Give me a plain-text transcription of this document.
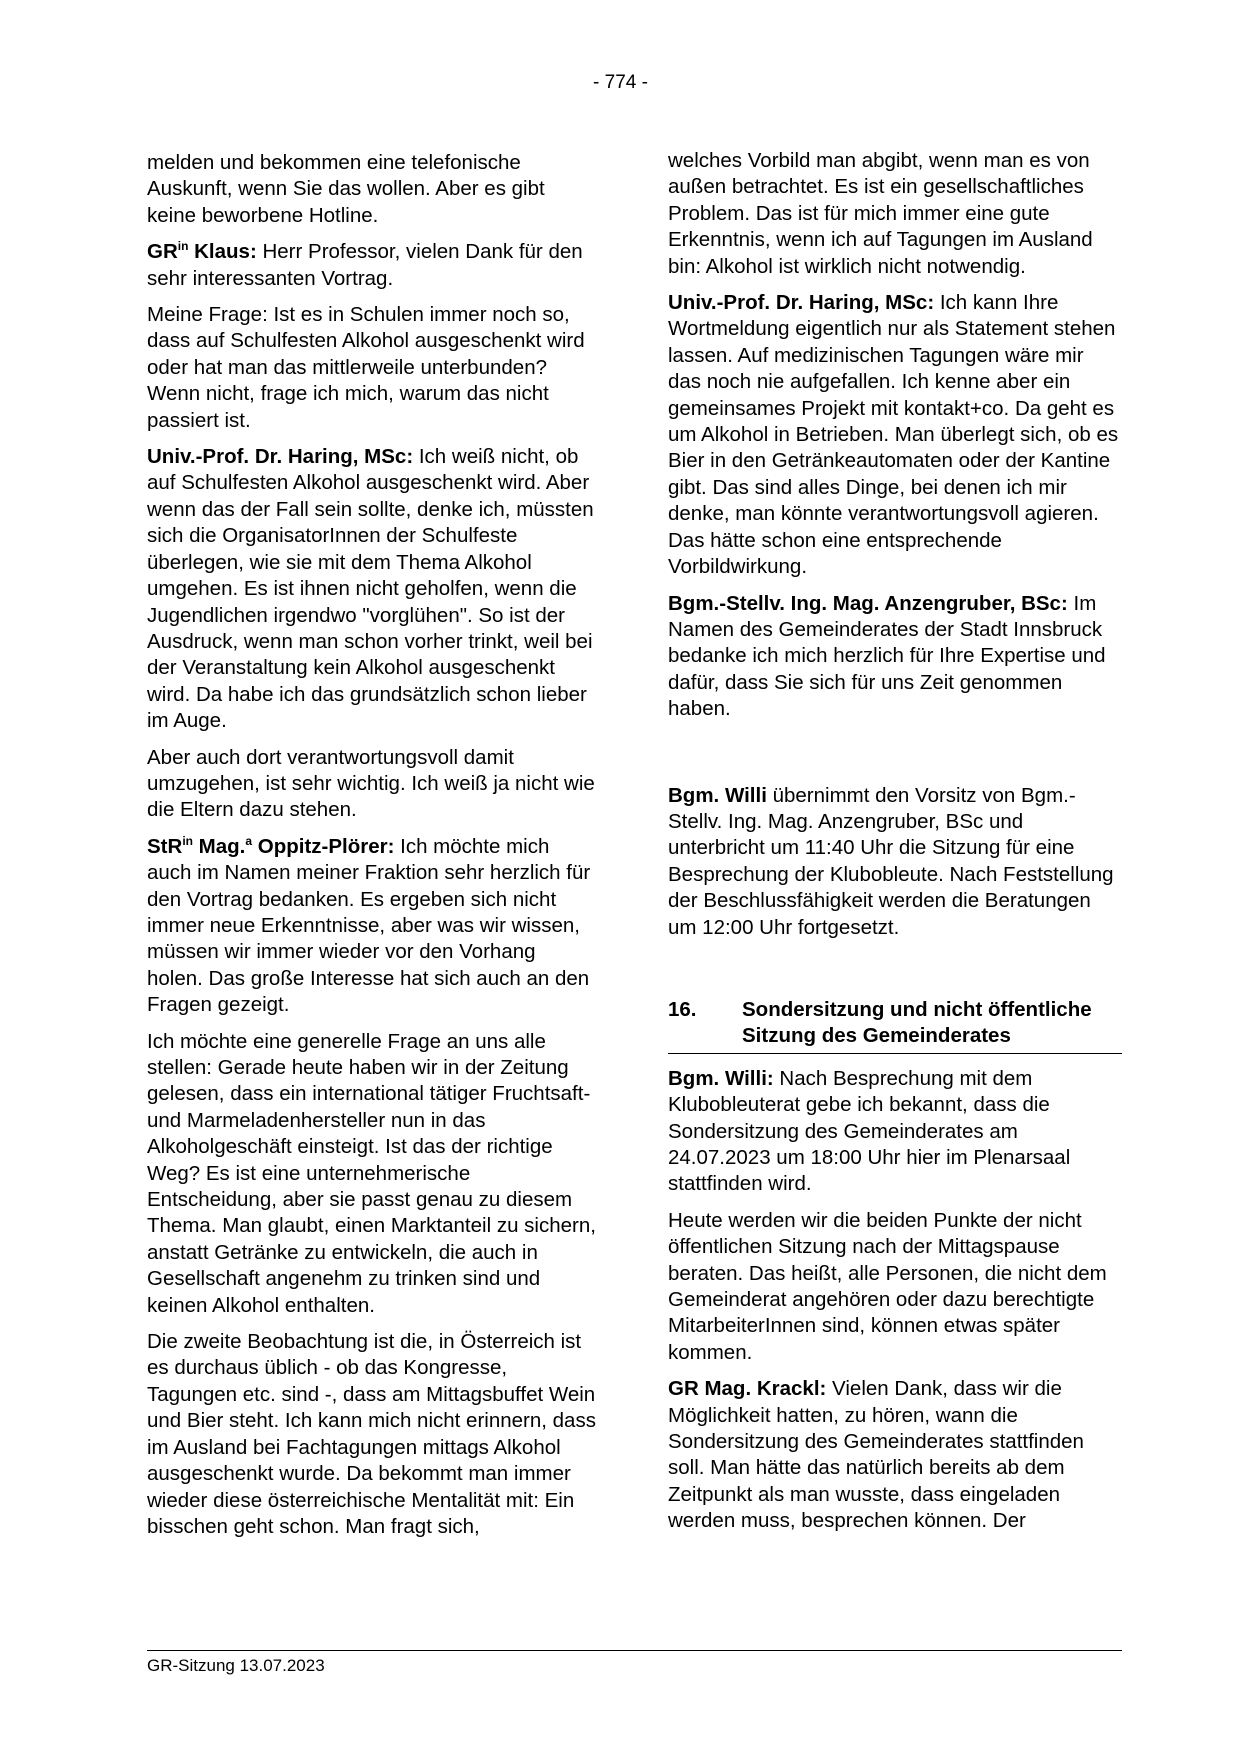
- 774 -

melden und bekommen eine telefonische Auskunft, wenn Sie das wollen. Aber es gibt keine beworbene Hotline.

$GR^{in}$ Klaus: Herr Professor, vielen Dank für den sehr interessanten Vortrag.

Meine Frage: Ist es in Schulen immer noch so, dass auf Schulfesten Alkohol ausgeschenkt wird oder hat man das mittlerweile unterbunden? Wenn nicht, frage ich mich, warum das nicht passiert ist.

Univ.-Prof. Dr. Haring, MSc: Ich weiß nicht, ob auf Schulfesten Alkohol ausgeschenkt wird. Aber wenn das der Fall sein sollte, denke ich, müssten sich die OrganisatorInnen der Schulfeste überlegen, wie sie mit dem Thema Alkohol umgehen. Es ist ihnen nicht geholfen, wenn die Jugendlichen irgendwo "vorglühen". So ist der Ausdruck, wenn man schon vorher trinkt, weil bei der Veranstaltung kein Alkohol ausgeschenkt wird. Da habe ich das grundsätzlich schon lieber im Auge.

Aber auch dort verantwortungsvoll damit umzugehen, ist sehr wichtig. Ich weiß ja nicht wie die Eltern dazu stehen.

StR$^{in}$ Mag.$^a$ Oppitz-Plörer: Ich möchte mich auch im Namen meiner Fraktion sehr herzlich für den Vortrag bedanken. Es ergeben sich nicht immer neue Erkenntnisse, aber was wir wissen, müssen wir immer wieder vor den Vorhang holen. Das große Interesse hat sich auch an den Fragen gezeigt.

Ich möchte eine generelle Frage an uns alle stellen: Gerade heute haben wir in der Zeitung gelesen, dass ein international tätiger Fruchtsaft- und Marmeladenhersteller nun in das Alkoholgeschäft einsteigt. Ist das der richtige Weg? Es ist eine unternehmerische Entscheidung, aber sie passt genau zu diesem Thema. Man glaubt, einen Marktanteil zu sichern, anstatt Getränke zu entwickeln, die auch in Gesellschaft angenehm zu trinken sind und keinen Alkohol enthalten.

Die zweite Beobachtung ist die, in Österreich ist es durchaus üblich - ob das Kongresse, Tagungen etc. sind -, dass am Mittagsbuffet Wein und Bier steht. Ich kann mich nicht erinnern, dass im Ausland bei Fachtagungen mittags Alkohol ausgeschenkt wurde. Da bekommt man immer wieder diese österreichische Mentalität mit: Ein bisschen geht schon. Man fragt sich,

welches Vorbild man abgibt, wenn man es von außen betrachtet. Es ist ein gesellschaftliches Problem. Das ist für mich immer eine gute Erkenntnis, wenn ich auf Tagungen im Ausland bin: Alkohol ist wirklich nicht notwendig.

Univ.-Prof. Dr. Haring, MSc: Ich kann Ihre Wortmeldung eigentlich nur als Statement stehen lassen. Auf medizinischen Tagungen wäre mir das noch nie aufgefallen. Ich kenne aber ein gemeinsames Projekt mit kontakt+co. Da geht es um Alkohol in Betrieben. Man überlegt sich, ob es Bier in den Getränkeautomaten oder der Kantine gibt. Das sind alles Dinge, bei denen ich mir denke, man könnte verantwortungsvoll agieren. Das hätte schon eine entsprechende Vorbildwirkung.

Bgm.-Stellv. Ing. Mag. Anzengruber, BSc: Im Namen des Gemeinderates der Stadt Innsbruck bedanke ich mich herzlich für Ihre Expertise und dafür, dass Sie sich für uns Zeit genommen haben.

Bgm. Willi übernimmt den Vorsitz von Bgm.-Stellv. Ing. Mag. Anzengruber, BSc und unterbricht um 11:40 Uhr die Sitzung für eine Besprechung der Klubobleute. Nach Feststellung der Beschlussfähigkeit werden die Beratungen um 12:00 Uhr fortgesetzt.

16.	Sondersitzung und nicht öffentliche Sitzung des Gemeinderates

Bgm. Willi: Nach Besprechung mit dem Klubobleuterat gebe ich bekannt, dass die Sondersitzung des Gemeinderates am 24.07.2023 um 18:00 Uhr hier im Plenarsaal stattfinden wird.

Heute werden wir die beiden Punkte der nicht öffentlichen Sitzung nach der Mittagspause beraten. Das heißt, alle Personen, die nicht dem Gemeinderat angehören oder dazu berechtigte MitarbeiterInnen sind, können etwas später kommen.

GR Mag. Krackl: Vielen Dank, dass wir die Möglichkeit hatten, zu hören, wann die Sondersitzung des Gemeinderates stattfinden soll. Man hätte das natürlich bereits ab dem Zeitpunkt als man wusste, dass eingeladen werden muss, besprechen können. Der

GR-Sitzung 13.07.2023
